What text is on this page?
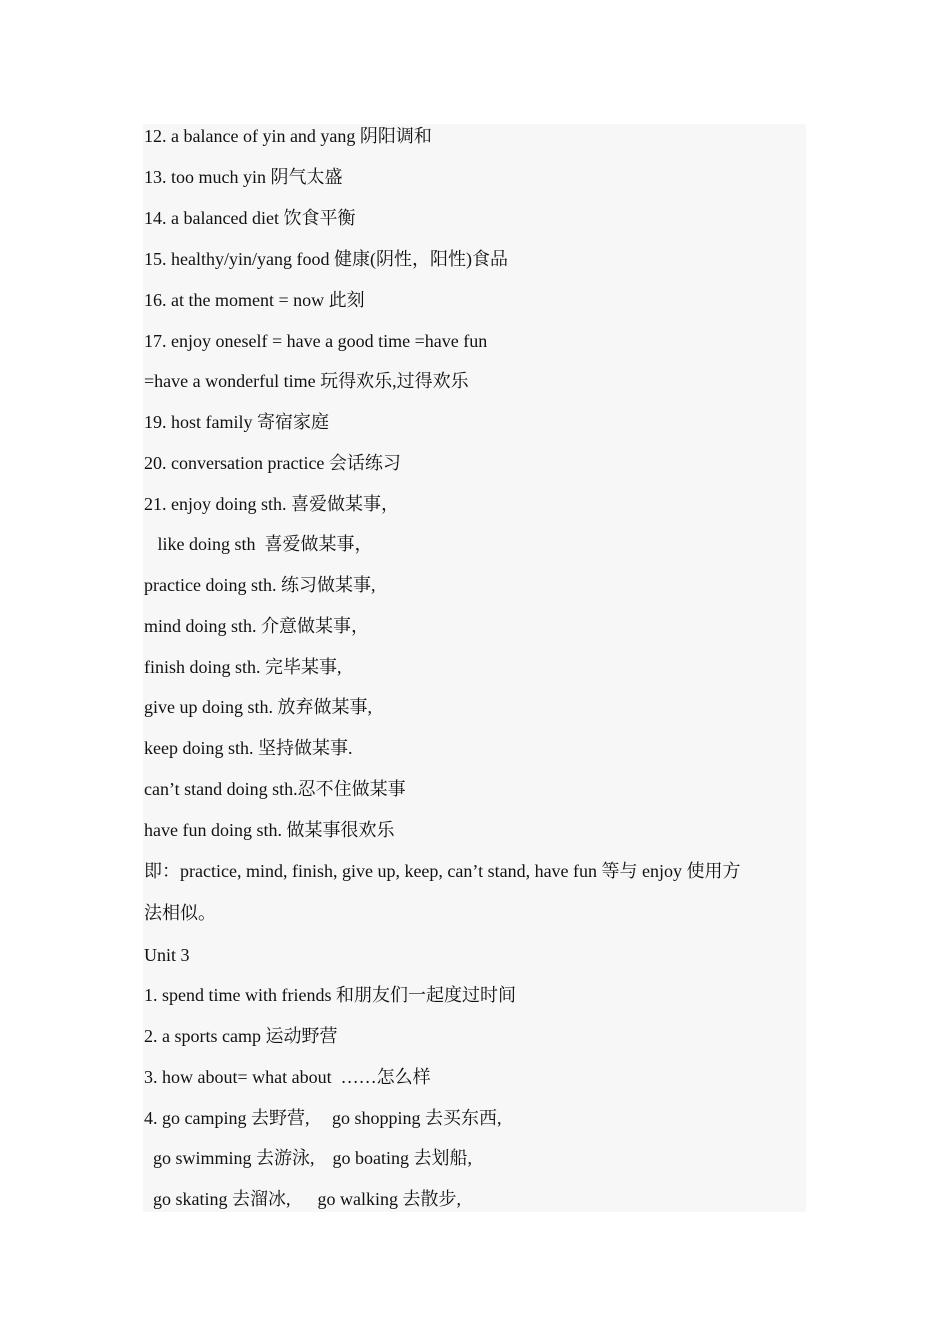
12. a balance of yin and yang 阴阳调和
13. too much yin 阴气太盛
14. a balanced diet 饮食平衡
15. healthy/yin/yang food 健康(阴性，阳性)食品
16. at the moment = now 此刻
17. enjoy oneself = have a good time =have fun
=have a wonderful time 玩得欢乐,过得欢乐
19. host family 寄宿家庭
20. conversation practice 会话练习
21. enjoy doing sth. 喜爱做某事，
like doing sth  喜爱做某事，
practice doing sth. 练习做某事,
mind doing sth. 介意做某事，
finish doing sth. 完毕某事,
give up doing sth. 放弃做某事,
keep doing sth. 坚持做某事.
can’t stand doing sth.忍不住做某事
have fun doing sth. 做某事很欢乐
即：practice, mind, finish, give up, keep, can’t stand, have fun 等与 enjoy 使用方
法相似。
Unit 3
1. spend time with friends 和朋友们一起度过时间
2. a sports camp 运动野营
3. how about= what about  ……怎么样
4. go camping 去野营,     go shopping 去买东西,
go swimming 去游泳,    go boating 去划船,
go skating 去溜冰,      go walking 去散步,
